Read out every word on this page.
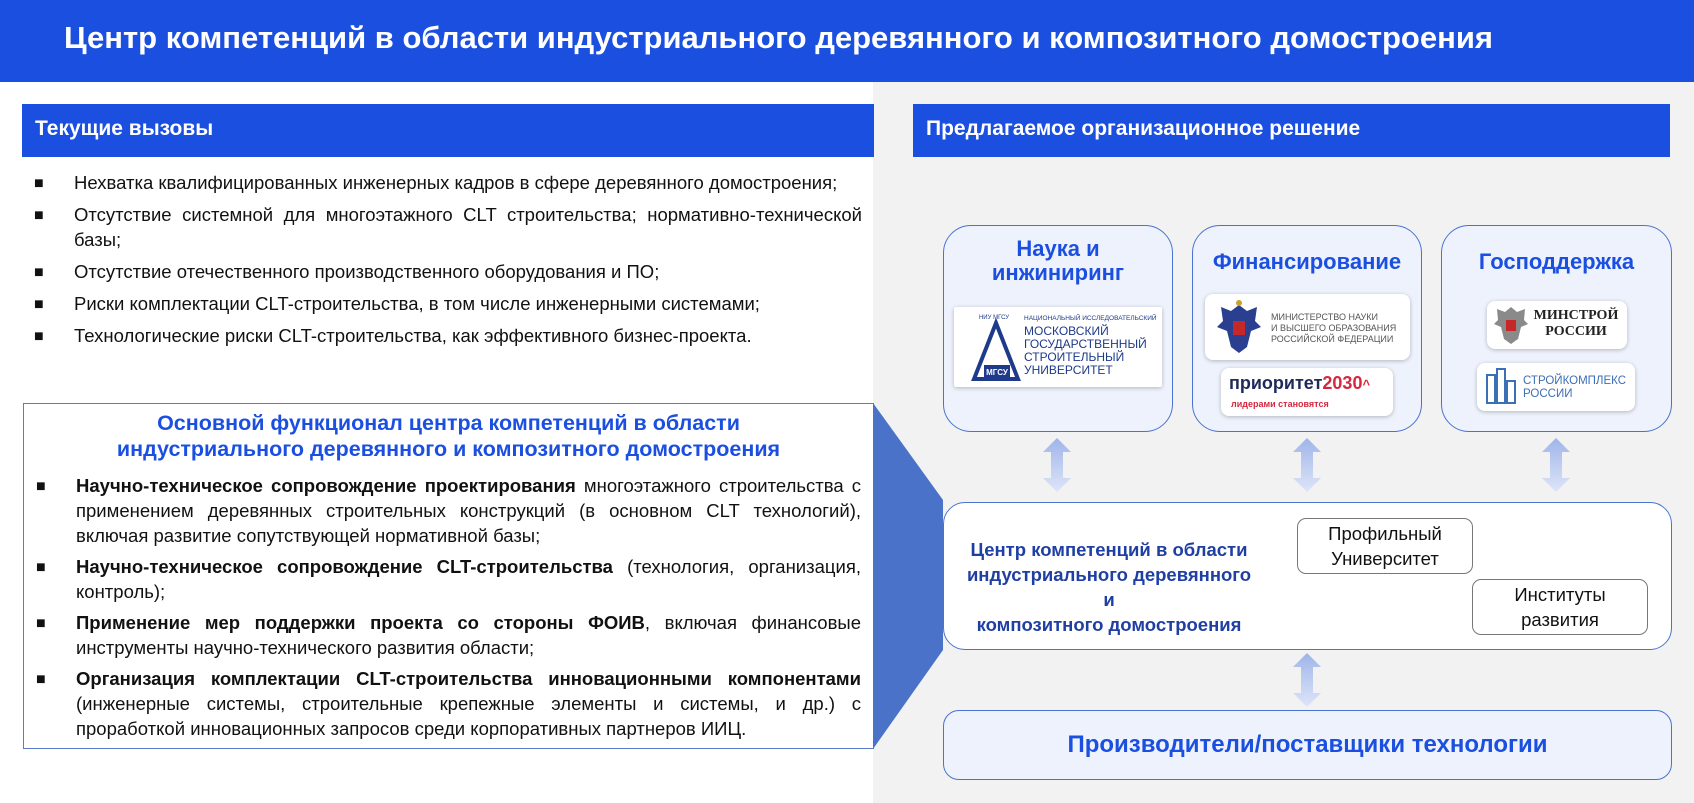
Центр компетенций в области индустриального деревянного и композитного домостроения
Текущие вызовы
■ Нехватка квалифицированных инженерных кадров в сфере деревянного домостроения;
■ Отсутствие системной для многоэтажного CLT строительства; нормативно-технической базы;
■ Отсутствие отечественного производственного оборудования и ПО;
■ Риски комплектации CLT-строительства, в том числе инженерными системами;
■ Технологические риски CLT-строительства, как эффективного бизнес-проекта.
Основной функционал центра компетенций в области
индустриального деревянного и композитного домостроения
■ Научно-техническое сопровождение проектирования многоэтажного строительства с применением деревянных строительных конструкций (в основном CLT технологий), включая развитие сопутствующей нормативной базы;
■ Научно-техническое сопровождение CLT-строительства (технология, организация, контроль);
■ Применение мер поддержки проекта со стороны ФОИВ, включая финансовые инструменты научно-технического развития области;
■ Организация комплектации CLT-строительства инновационными компонентами (инженерные системы, строительные крепежные элементы и системы, и др.) с проработкой инновационных запросов среди корпоративных партнеров ИИЦ.
Предлагаемое организационное решение
Наука и
инжиниринг
МГСУ
НИУ МГСУ НАЦИОНАЛЬНЫЙ ИССЛЕДОВАТЕЛЬСКИЙ
МОСКОВСКИЙ
ГОСУДАРСТВЕННЫЙ
СТРОИТЕЛЬНЫЙ
УНИВЕРСИТЕТ
Финансирование
МИНИСТЕРСТВО НАУКИ
И ВЫСШЕГО ОБРАЗОВАНИЯ
РОССИЙСКОЙ ФЕДЕРАЦИИ
приоритет2030^
лидерами становятся
Господдержка
МИНСТРОЙ
РОССИИ
СТРОЙКОМПЛЕКС
РОССИИ
Центр компетенций в области
индустриального деревянного и
композитного домостроения
Профильный
Университет
Институты
развития
Производители/поставщики технологии
